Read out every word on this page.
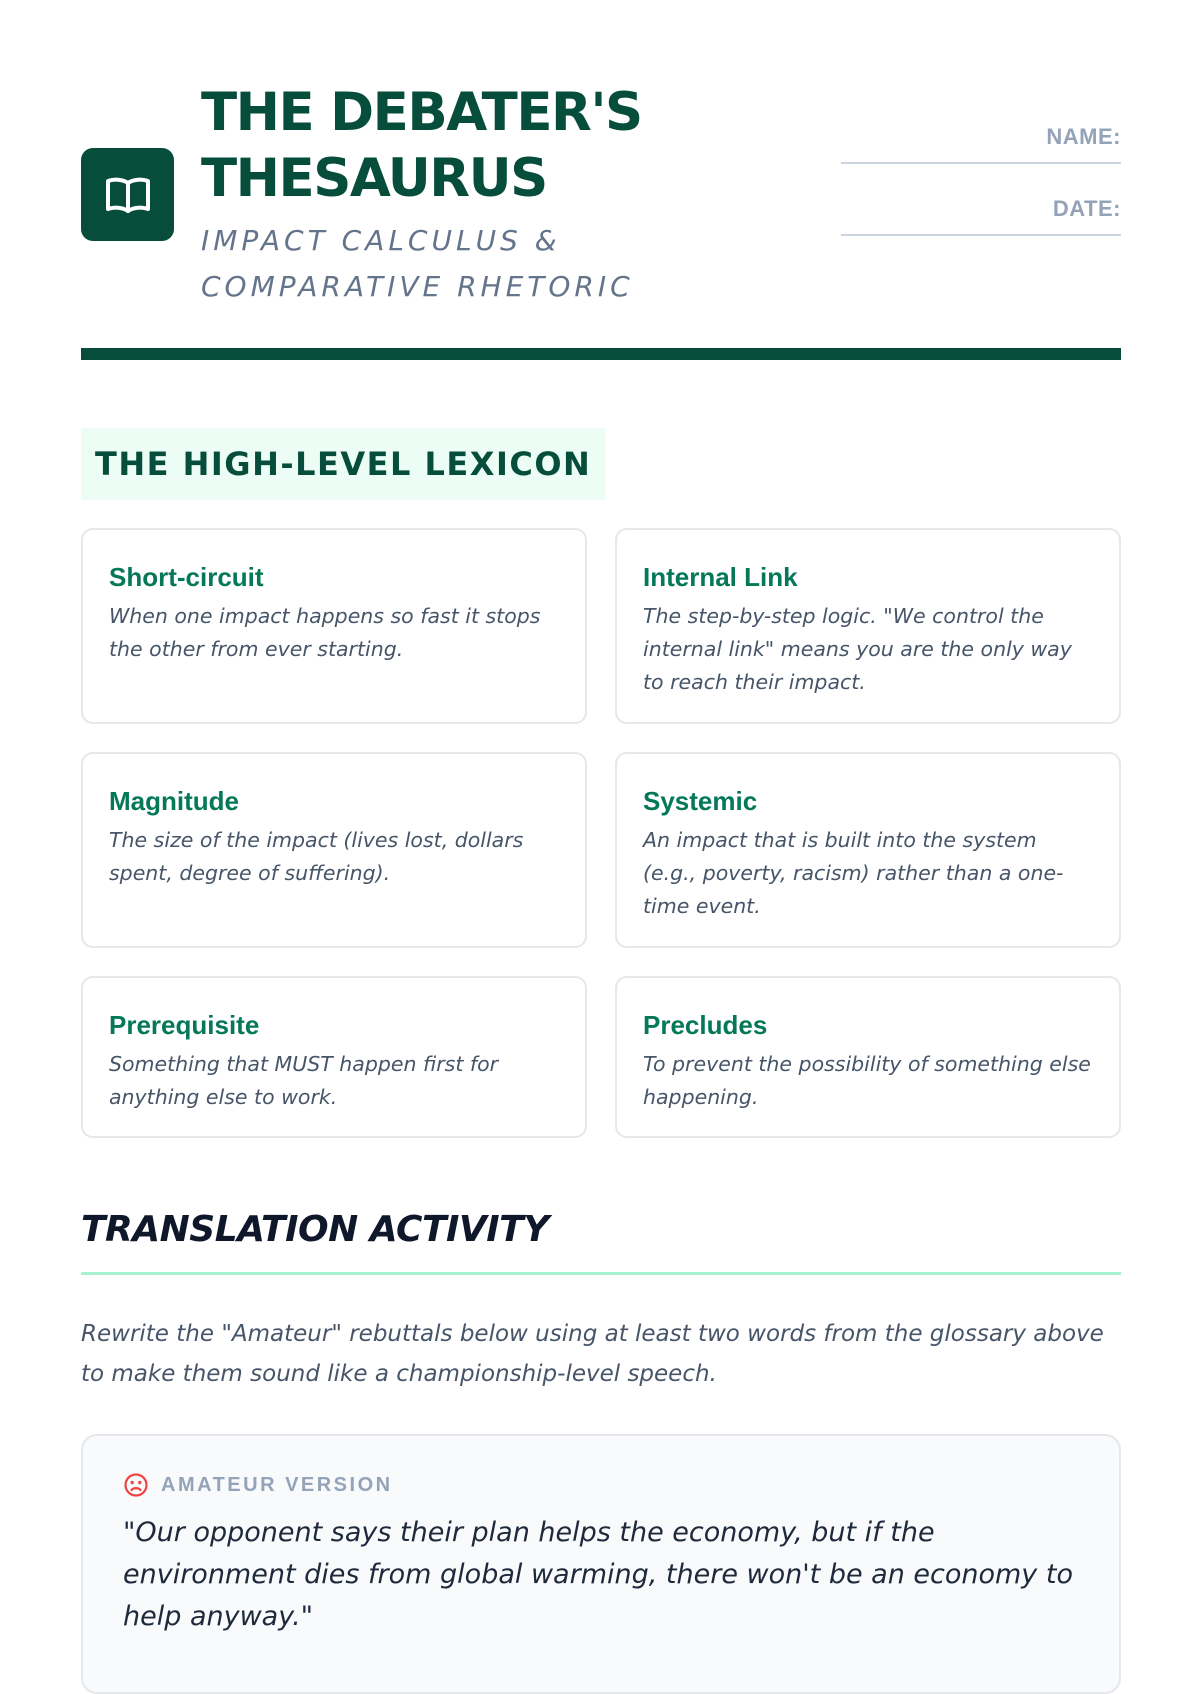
THE DEBATER'S THESAURUS
IMPACT CALCULUS & COMPARATIVE RHETORIC
NAME:
DATE:
THE HIGH-LEVEL LEXICON
Short-circuit
When one impact happens so fast it stops the other from ever starting.
Internal Link
The step-by-step logic. "We control the internal link" means you are the only way to reach their impact.
Magnitude
The size of the impact (lives lost, dollars spent, degree of suffering).
Systemic
An impact that is built into the system (e.g., poverty, racism) rather than a one-time event.
Prerequisite
Something that MUST happen first for anything else to work.
Precludes
To prevent the possibility of something else happening.
TRANSLATION ACTIVITY
Rewrite the "Amateur" rebuttals below using at least two words from the glossary above to make them sound like a championship-level speech.
AMATEUR VERSION
"Our opponent says their plan helps the economy, but if the environment dies from global warming, there won't be an economy to help anyway."
